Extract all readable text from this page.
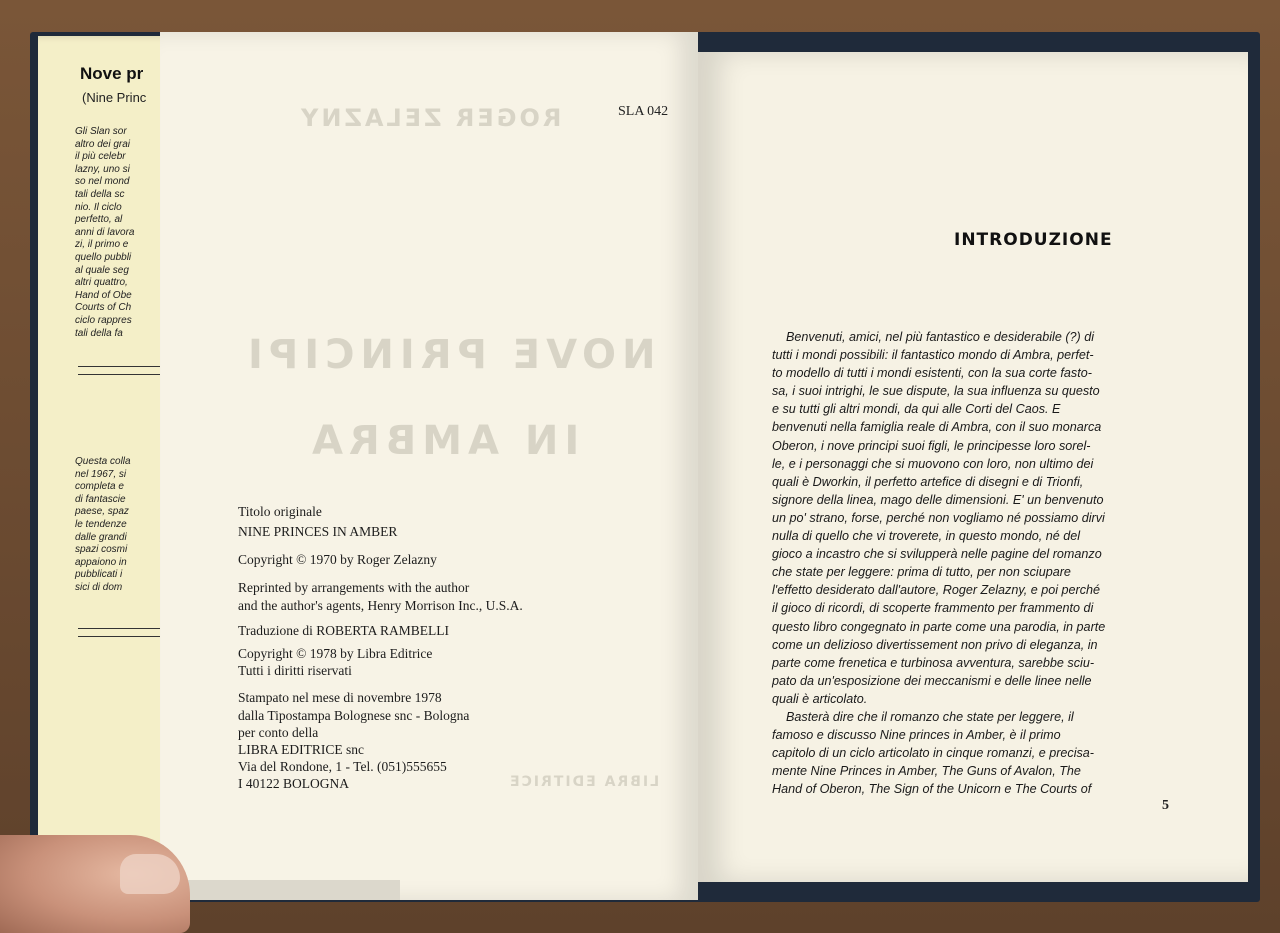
Nove pr
(Nine Princ
Gli Slan sor
altro dei grai
il più celebr
lazny, uno si
so nel mond
tali della sc
nio. Il ciclo
perfetto, al
anni di lavora
zi, il primo e
quello pubbli
al quale seg
altri quattro,
Hand of Obe
Courts of Ch
ciclo rappres
tali della fa
Questa colla
nel 1967, si
completa e
di fantascie
paese, spaz
le tendenze
dalle grandi
spazi cosmi
appaiono in
pubblicati i
sici di dom
ROGER ZELAZNY
NOVE PRINCIPI
IN AMBRA
LIBRA EDITRICE
SLA 042
Titolo originale
NINE PRINCES IN AMBER
Copyright © 1970 by Roger Zelazny
Reprinted by arrangements with the author
and the author's agents, Henry Morrison Inc., U.S.A.
Traduzione di ROBERTA RAMBELLI
Copyright © 1978 by Libra Editrice
Tutti i diritti riservati
Stampato nel mese di novembre 1978
dalla Tipostampa Bolognese snc - Bologna
per conto della
LIBRA EDITRICE snc
Via del Rondone, 1 - Tel. (051)555655
I 40122 BOLOGNA
INTRODUZIONE
Benvenuti, amici, nel più fantastico e desiderabile (?) di
tutti i mondi possibili: il fantastico mondo di Ambra, perfet-
to modello di tutti i mondi esistenti, con la sua corte fasto-
sa, i suoi intrighi, le sue dispute, la sua influenza su questo
e su tutti gli altri mondi, da qui alle Corti del Caos. E
benvenuti nella famiglia reale di Ambra, con il suo monarca
Oberon, i nove principi suoi figli, le principesse loro sorel-
le, e i personaggi che si muovono con loro, non ultimo dei
quali è Dworkin, il perfetto artefice di disegni e di Trionfi,
signore della linea, mago delle dimensioni. E' un benvenuto
un po' strano, forse, perché non vogliamo né possiamo dirvi
nulla di quello che vi troverete, in questo mondo, né del
gioco a incastro che si svilupperà nelle pagine del romanzo
che state per leggere: prima di tutto, per non sciupare
l'effetto desiderato dall'autore, Roger Zelazny, e poi perché
il gioco di ricordi, di scoperte frammento per frammento di
questo libro congegnato in parte come una parodia, in parte
come un delizioso divertissement non privo di eleganza, in
parte come frenetica e turbinosa avventura, sarebbe sciu-
pato da un'esposizione dei meccanismi e delle linee nelle
quali è articolato.
Basterà dire che il romanzo che state per leggere, il
famoso e discusso Nine princes in Amber, è il primo
capitolo di un ciclo articolato in cinque romanzi, e precisa-
mente Nine Princes in Amber, The Guns of Avalon, The
Hand of Oberon, The Sign of the Unicorn e The Courts of
5
